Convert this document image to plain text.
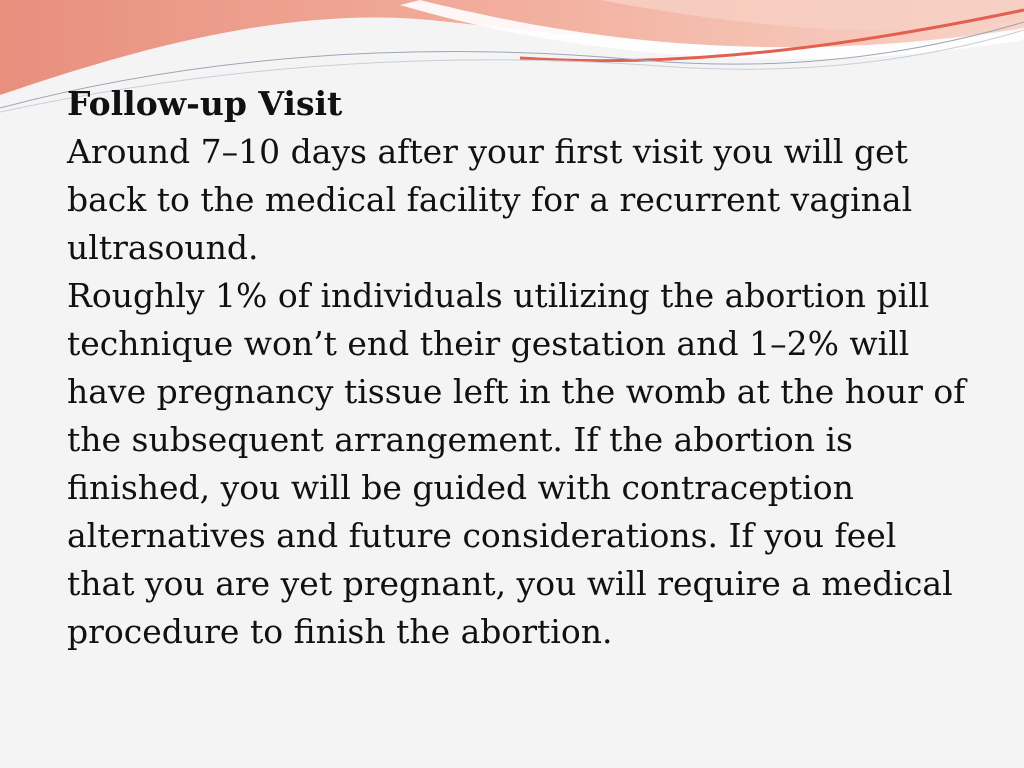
Follow-up Visit

Around 7–10 days after your first visit you will get back to the medical facility for a recurrent vaginal ultrasound.

Roughly 1% of individuals utilizing the abortion pill technique won’t end their gestation and 1–2% will have pregnancy tissue left in the womb at the hour of the subsequent arrangement. If the abortion is finished, you will be guided with contraception alternatives and future considerations. If you feel that you are yet pregnant, you will require a medical procedure to finish the abortion.
